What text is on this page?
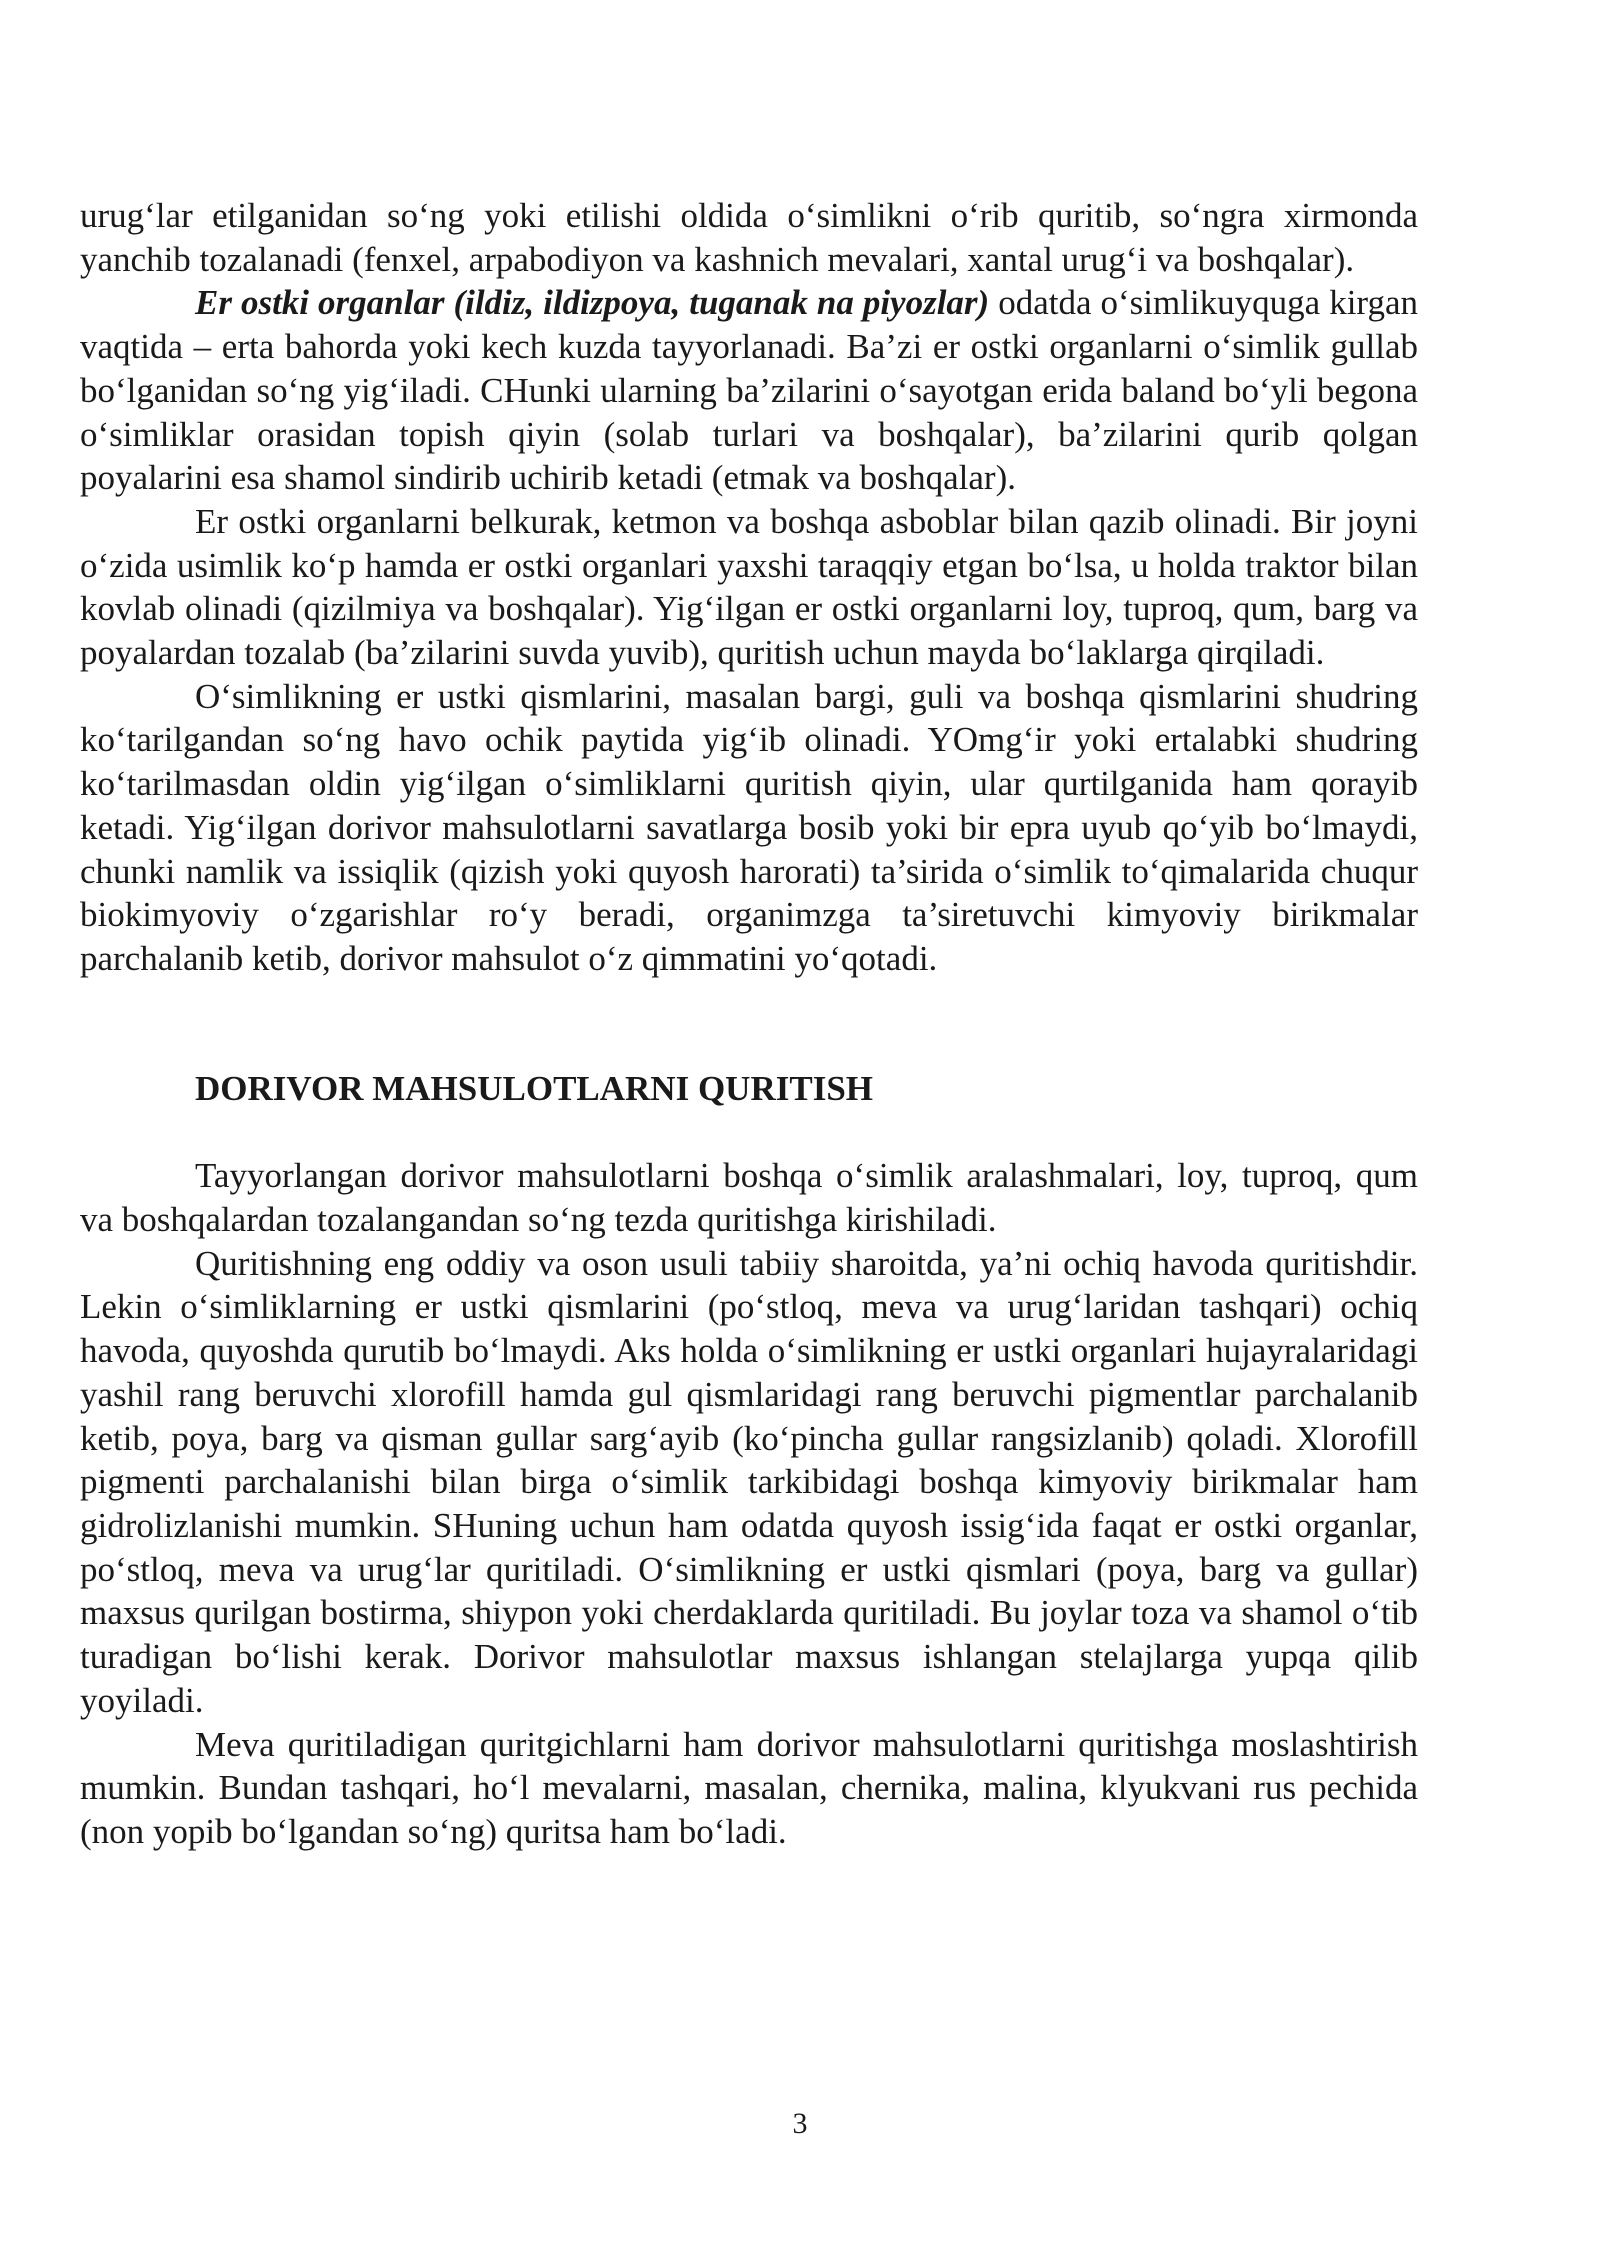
urug‘lar etilganidan so‘ng yoki etilishi oldida o‘simlikni o‘rib quritib, so‘ngra xirmonda yanchib tozalanadi (fenxel, arpabodiyon va kashnich mevalari, xantal urug‘i va boshqalar).

Er ostki organlar (ildiz, ildizpoya, tuganak na piyozlar) odatda o‘simlikuyquga kirgan vaqtida – erta bahorda yoki kech kuzda tayyorlanadi. Ba’zi er ostki organlarni o‘simlik gullab bo‘lganidan so‘ng yig‘iladi. CHunki ularning ba’zilarini o‘sayotgan erida baland bo‘yli begona o‘simliklar orasidan topish qiyin (solab turlari va boshqalar), ba’zilarini qurib qolgan poyalarini esa shamol sindirib uchirib ketadi (etmak va boshqalar).

Er ostki organlarni belkurak, ketmon va boshqa asboblar bilan qazib olinadi. Bir joyni o‘zida usimlik ko‘p hamda er ostki organlari yaxshi taraqqiy etgan bo‘lsa, u holda traktor bilan kovlab olinadi (qizilmiya va boshqalar). Yig‘ilgan er ostki organlarni loy, tuproq, qum, barg va poyalardan tozalab (ba’zilarini suvda yuvib), quritish uchun mayda bo‘laklarga qirqiladi.

O‘simlikning er ustki qismlarini, masalan bargi, guli va boshqa qismlarini shudring ko‘tarilgandan so‘ng havo ochik paytida yig‘ib olinadi. YOmg‘ir yoki ertalabki shudring ko‘tarilmasdan oldin yig‘ilgan o‘simliklarni quritish qiyin, ular qurtilganida ham qorayib ketadi. Yig‘ilgan dorivor mahsulotlarni savatlarga bosib yoki bir epra uyub qo‘yib bo‘lmaydi, chunki namlik va issiqlik (qizish yoki quyosh harorati) ta’sirida o‘simlik to‘qimalarida chuqur biokimyoviy o‘zgarishlar ro‘y beradi, organimzga ta’siretuvchi kimyoviy birikmalar parchalanib ketib, dorivor mahsulot o‘z qimmatini yo‘qotadi.

DORIVOR MAHSULOTLARNI QURITISH

Tayyorlangan dorivor mahsulotlarni boshqa o‘simlik aralashmalari, loy, tuproq, qum va boshqalardan tozalangandan so‘ng tezda quritishga kirishiladi.

Quritishning eng oddiy va oson usuli tabiiy sharoitda, ya’ni ochiq havoda quritishdir. Lekin o‘simliklarning er ustki qismlarini (po‘stloq, meva va urug‘laridan tashqari) ochiq havoda, quyoshda qurutib bo‘lmaydi. Aks holda o‘simlikning er ustki organlari hujayralaridagi yashil rang beruvchi xlorofill hamda gul qismlaridagi rang beruvchi pigmentlar parchalanib ketib, poya, barg va qisman gullar sarg‘ayib (ko‘pincha gullar rangsizlanib) qoladi. Xlorofill pigmenti parchalanishi bilan birga o‘simlik tarkibidagi boshqa kimyoviy birikmalar ham gidrolizlanishi mumkin. SHuning uchun ham odatda quyosh issig‘ida faqat er ostki organlar, po‘stloq, meva va urug‘lar quritiladi. O‘simlikning er ustki qismlari (poya, barg va gullar) maxsus qurilgan bostirma, shiypon yoki cherdaklarda quritiladi. Bu joylar toza va shamol o‘tib turadigan bo‘lishi kerak. Dorivor mahsulotlar maxsus ishlangan stelajlarga yupqa qilib yoyiladi.

Meva quritiladigan quritgichlarni ham dorivor mahsulotlarni quritishga moslashtirish mumkin. Bundan tashqari, ho‘l mevalarni, masalan, chernika, malina, klyukvani rus pechida (non yopib bo‘lgandan so‘ng) quritsa ham bo‘ladi.

3
